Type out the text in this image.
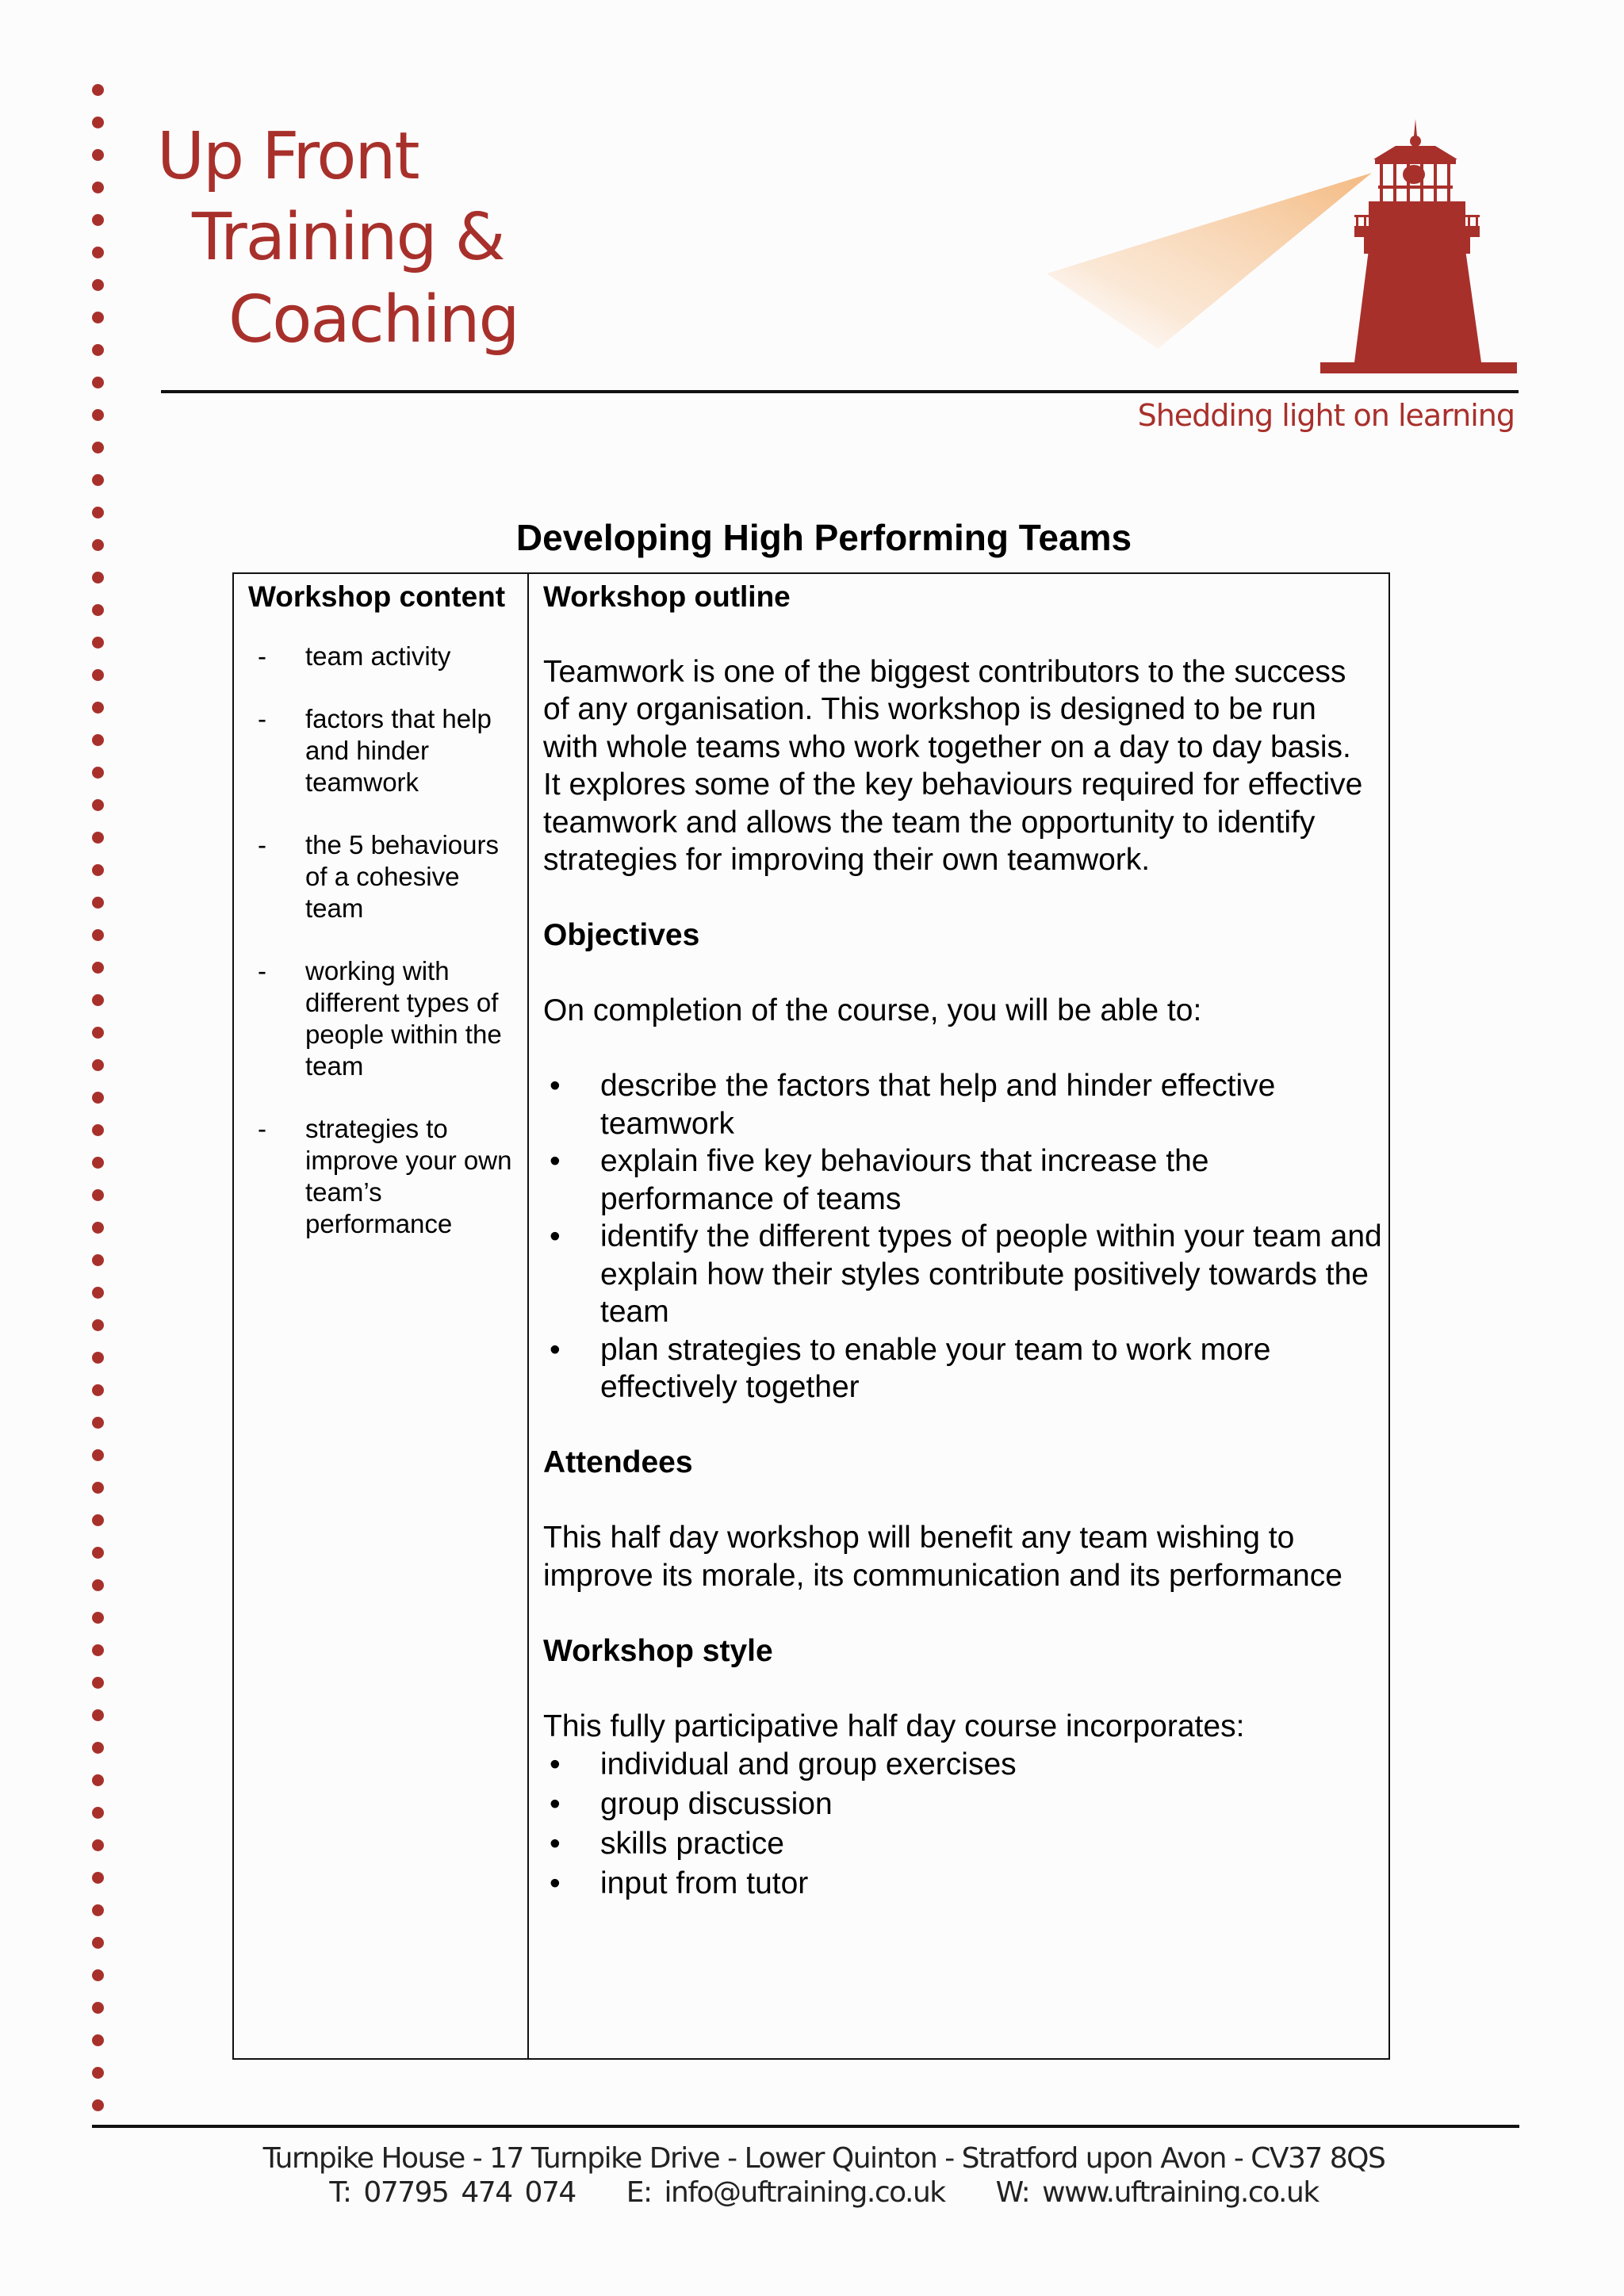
Up Front
Training &
Coaching
Shedding light on learning
Developing High Performing Teams
Workshop content
-	team activity
-	factors that help and hinder teamwork
-	the 5 behaviours of a cohesive team
-	working with different types of people within the team
-	strategies to improve your own team’s performance
Workshop outline

Teamwork is one of the biggest contributors to the success of any organisation. This workshop is designed to be run with whole teams who work together on a day to day basis. It explores some of the key behaviours required for effective teamwork and allows the team the opportunity to identify strategies for improving their own teamwork.

Objectives

On completion of the course, you will be able to:

•	describe the factors that help and hinder effective teamwork
•	explain five key behaviours that increase the performance of teams
•	identify the different types of people within your team and explain how their styles contribute positively towards the team
•	plan strategies to enable your team to work more effectively together
Attendees

This half day workshop will benefit any team wishing to improve its morale, its communication and its performance

Workshop style

This fully participative half day course incorporates:

•	individual and group exercises
•	group discussion
•	skills practice
•	input from tutor
Turnpike House - 17 Turnpike Drive - Lower Quinton - Stratford upon Avon - CV37 8QS
T: 07795 474 074 E: info@uftraining.co.uk W: www.uftraining.co.uk
